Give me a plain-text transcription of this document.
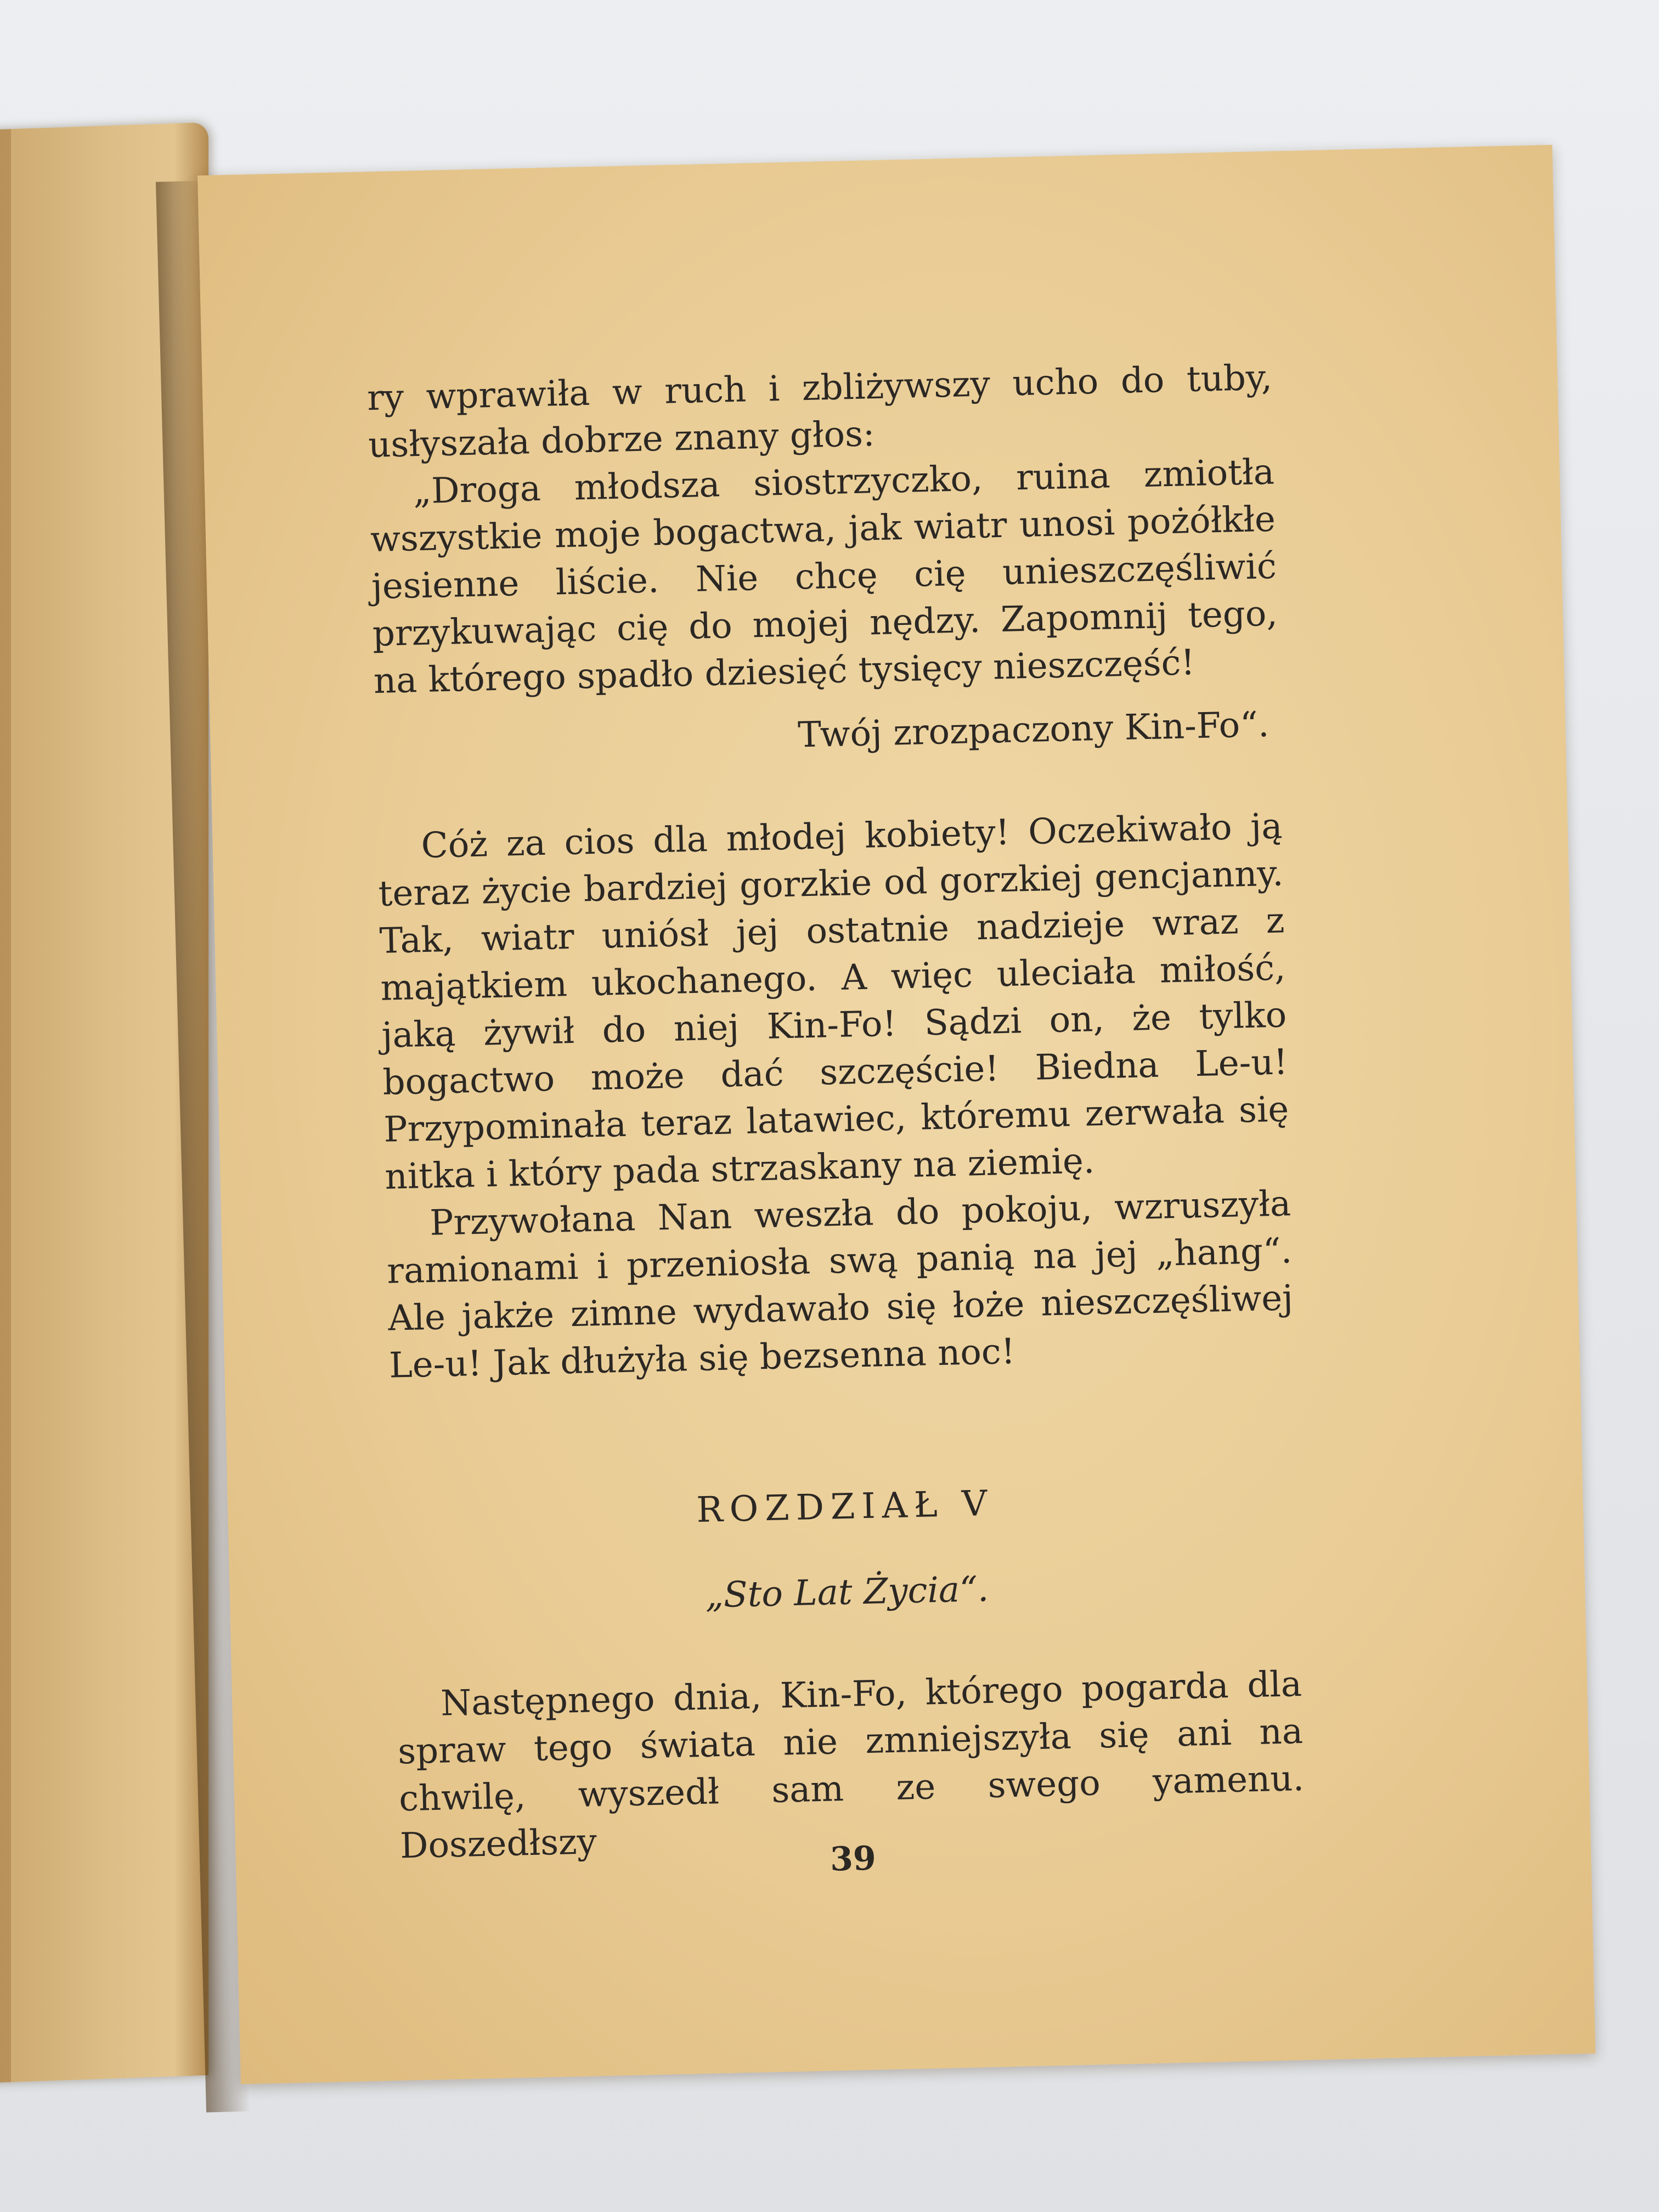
ry wprawiła w ruch i zbliżywszy ucho do tuby, usłyszała dobrze znany głos:

„Droga młodsza siostrzyczko, ruina zmiotła wszystkie moje bogactwa, jak wiatr unosi pożółkłe jesienne liście. Nie chcę cię unieszczęśliwić przykuwając cię do mojej nędzy. Zapomnij tego, na którego spadło dziesięć tysięcy nieszczęść!

Twój zrozpaczony Kin-Fo“.

Cóż za cios dla młodej kobiety! Oczekiwało ją teraz życie bardziej gorzkie od gorzkiej gencjanny. Tak, wiatr uniósł jej ostatnie nadzieje wraz z majątkiem ukochanego. A więc uleciała miłość, jaką żywił do niej Kin-Fo! Sądzi on, że tylko bogactwo może dać szczęście! Biedna Le-u! Przypominała teraz latawiec, któremu zerwała się nitka i który pada strzaskany na ziemię.

Przywołana Nan weszła do pokoju, wzruszyła ramionami i przeniosła swą panią na jej „hang“. Ale jakże zimne wydawało się łoże nieszczęśliwej Le-u! Jak dłużyła się bezsenna noc!

ROZDZIAŁ V
„Sto Lat Życia“.

Następnego dnia, Kin-Fo, którego pogarda dla spraw tego świata nie zmniejszyła się ani na chwilę, wyszedł sam ze swego yamenu. Doszedłszy	39
